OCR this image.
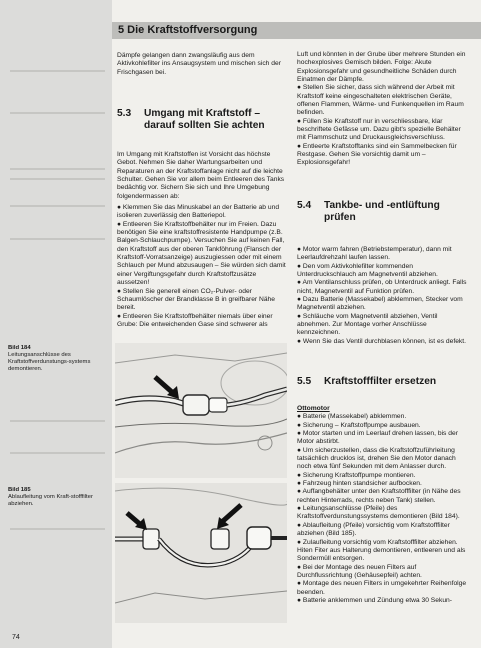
5 Die Kraftstoffversorgung

Dämpfe gelangen dann zwangsläufig aus dem Aktivkohlefilter ins Ansaugsystem und mischen sich der Frischgasen bei.

5.3 Umgang mit Kraftstoff –
darauf sollten Sie achten

Im Umgang mit Kraftstoffen ist Vorsicht das höchste Gebot. Nehmen Sie daher Wartungsarbeiten und Reparaturen an der Kraftstoffanlage nicht auf die leichte Schulter. Gehen Sie vor allem beim Entleeren des Tanks bedächtig vor. Sichern Sie sich und Ihre Umgebung folgendermassen ab:

● Klemmen Sie das Minuskabel an der Batterie ab und isolieren zuverlässig den Batteriepol.

● Entleeren Sie Kraftstoffbehälter nur im Freien. Dazu benötigen Sie eine kraftstoffresistente Handpumpe (z.B. Balgen-Schlauchpumpe). Versuchen Sie auf keinen Fall, den Kraftstoff aus der oberen Tankföhrung (Flansch der Kraftstoff-Vorratsanzeige) auszugiessen oder mit einem Schlauch per Mund abzusaugen – Sie würden sich damit einer Vergiftungsgefahr durch Kraftstoffzusätze aussetzen!

● Stellen Sie generell einen CO₂-Pulver- oder Schaumlöscher der Brandklasse B in greifbarer Nähe bereit.

● Entleeren Sie Kraftstoffbehälter niemals über einer Grube: Die entweichenden Gase sind schwerer als

Bild 184
Leitungsanschlüsse des Kraftstoffverdunstungs-systems demontieren.
Bild 185
Ablaufleitung vom Kraft-stofffilter abziehen.

Luft und könnten in der Grube über mehrere Stunden ein hochexplosives Gemisch bilden. Folge: Akute Explosionsgefahr und gesundheitliche Schäden durch Einatmen der Dämpfe.

● Stellen Sie sicher, dass sich während der Arbeit mit Kraftstoff keine eingeschalteten elektrischen Geräte, offenen Flammen, Wärme- und Funkenquellen im Raum befinden.

● Füllen Sie Kraftstoff nur in verschliessbare, klar beschriftete Gefässe um. Dazu gibt's spezielle Behälter mit Flammschutz und Druckausgleichsverschluss.

● Entleerte Kraftstofftanks sind ein Sammelbecken für Restgase. Gehen Sie vorsichtig damit um – Explosionsgefahr!

5.4 Tankbe- und -entlüftung
prüfen

● Motor warm fahren (Betriebstemperatur), dann mit Leerlaufdrehzahl laufen lassen.

● Den vom Aktivkohlefilter kommenden Unterdruckschlauch am Magnetventil abziehen.

● Am Ventilanschluss prüfen, ob Unterdruck anliegt. Falls nicht, Magnetventil auf Funktion prüfen.

● Dazu Batterie (Massekabel) abklemmen, Stecker vom Magnetventil abziehen.

● Schläuche vom Magnetventil abziehen, Ventil abnehmen. Zur Montage vorher Anschlüsse kennzeichnen.

● Wenn Sie das Ventil durchblasen können, ist es defekt.

5.5 Kraftstofffilter ersetzen

Ottomotor

● Batterie (Massekabel) abklemmen.

● Sicherung – Kraftstoffpumpe ausbauen.

● Motor starten und im Leerlauf drehen lassen, bis der Motor abstirbt.

● Um sicherzustellen, dass die Kraftstoffzuführleitung tatsächlich drucklos ist, drehen Sie den Motor danach noch etwa fünf Sekunden mit dem Anlasser durch.

● Sicherung Kraftstoffpumpe montieren.

● Fahrzeug hinten standsicher aufbocken.

● Auffangbehälter unter den Kraftstofffilter (in Nähe des rechten Hinterrads, rechts neben Tank) stellen.

● Leitungsanschlüsse (Pfeile) des Kraftstoffverdunstungssystems demontieren (Bild 184).

● Ablaufleitung (Pfeile) vorsichtig vom Kraftstofffilter abziehen (Bild 185).

● Zulaufleitung vorsichtig vom Kraftstofffilter abziehen. Hiten Fiter aus Halterung demontieren, entleeren und als Sondermüll entsorgen.

● Bei der Montage des neuen Filters auf Durchflussrichtung (Gehäusepfeil) achten.

● Montage des neuen Filters in umgekehrter Reihenfolge beenden.

● Batterie anklemmen und Zündung etwa 30 Sekun-

74
